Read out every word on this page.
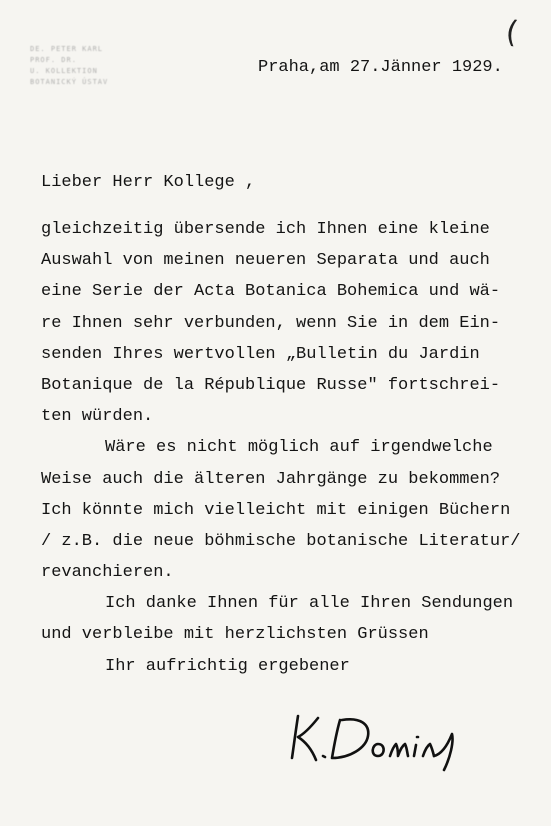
DE. PETER KARL
PROF. DR.
U. KOLLEKTION
BOTANICKÝ ÚSTAV
(
Praha,am 27.Jänner 1929.
Lieber Herr Kollege ,
gleichzeitig übersende ich Ihnen eine kleine
Auswahl von meinen neueren Separata und auch
eine Serie der Acta Botanica Bohemica und wä-
re Ihnen sehr verbunden, wenn Sie in dem Ein-
senden Ihres wertvollen „Bulletin du Jardin
Botanique de la République Russe" fortschrei-
ten würden.
Wäre es nicht möglich auf irgendwelche
Weise auch die älteren Jahrgänge zu bekommen?
Ich könnte mich vielleicht mit einigen Büchern
/ z.B. die neue böhmische botanische Literatur/
revanchieren.
Ich danke Ihnen für alle Ihren Sendungen
und verbleibe mit herzlichsten Grüssen
Ihr aufrichtig ergebener
